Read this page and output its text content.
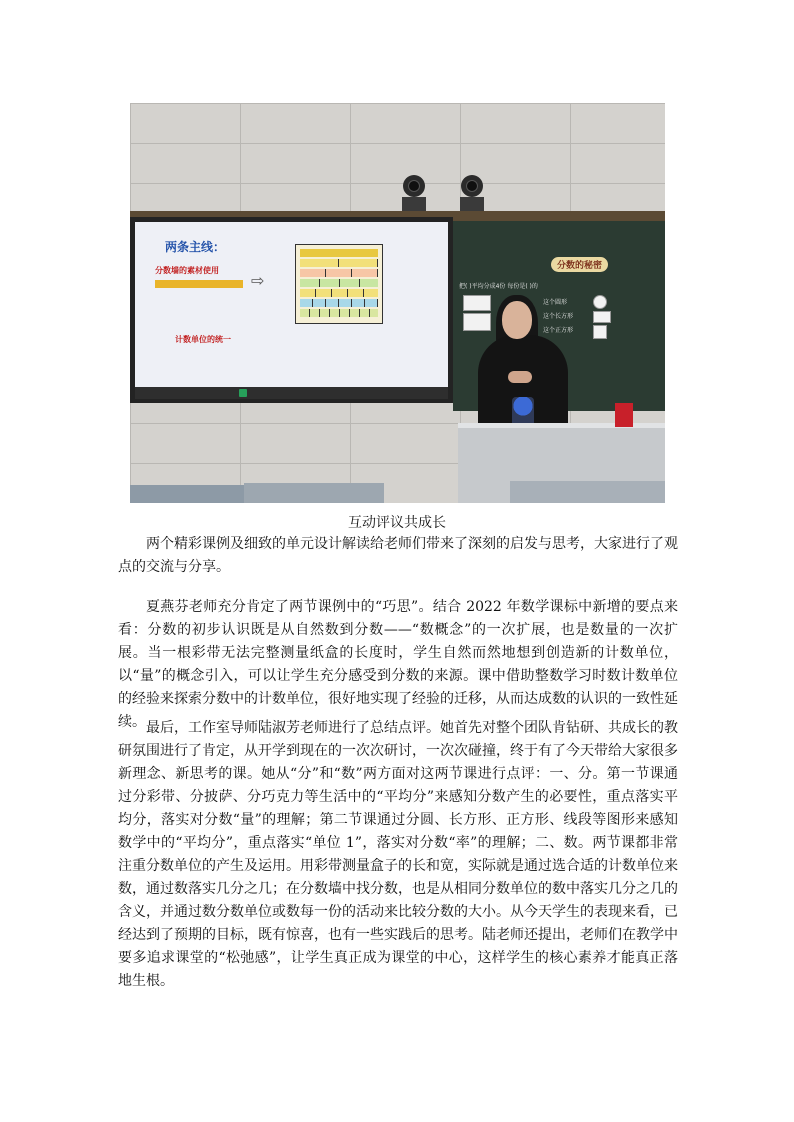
两条主线：
分数墙的素材使用
⇨
计数单位的统一
分数的秘密
把( )平均分成4份 每份是( )的
这个圆形
这个长方形
这个正方形
互动评议共成长

两个精彩课例及细致的单元设计解读给老师们带来了深刻的启发与思考，大家进行了观点的交流与分享。

夏燕芬老师充分肯定了两节课例中的“巧思”。结合 2022 年数学课标中新增的要点来看：分数的初步认识既是从自然数到分数——“数概念”的一次扩展，也是数量的一次扩展。当一根彩带无法完整测量纸盒的长度时，学生自然而然地想到创造新的计数单位，以“量”的概念引入，可以让学生充分感受到分数的来源。课中借助整数学习时数计数单位的经验来探索分数中的计数单位，很好地实现了经验的迁移，从而达成数的认识的一致性延续。 最后，工作室导师陆淑芳老师进行了总结点评。她首先对整个团队肯钻研、共成长的教研氛围进行了肯定，从开学到现在的一次次研讨，一次次碰撞，终于有了今天带给大家很多新理念、新思考的课。她从“分”和“数”两方面对这两节课进行点评：一、分。第一节课通过分彩带、分披萨、分巧克力等生活中的“平均分”来感知分数产生的必要性，重点落实平均分，落实对分数“量”的理解；第二节课通过分圆、长方形、正方形、线段等图形来感知数学中的“平均分”，重点落实“单位 1”，落实对分数“率”的理解；二、数。两节课都非常注重分数单位的产生及运用。用彩带测量盒子的长和宽，实际就是通过选合适的计数单位来数，通过数落实几分之几；在分数墙中找分数，也是从相同分数单位的数中落实几分之几的含义，并通过数分数单位或数每一份的活动来比较分数的大小。从今天学生的表现来看，已经达到了预期的目标，既有惊喜，也有一些实践后的思考。陆老师还提出，老师们在教学中要多追求课堂的“松弛感”，让学生真正成为课堂的中心，这样学生的核心素养才能真正落地生根。
